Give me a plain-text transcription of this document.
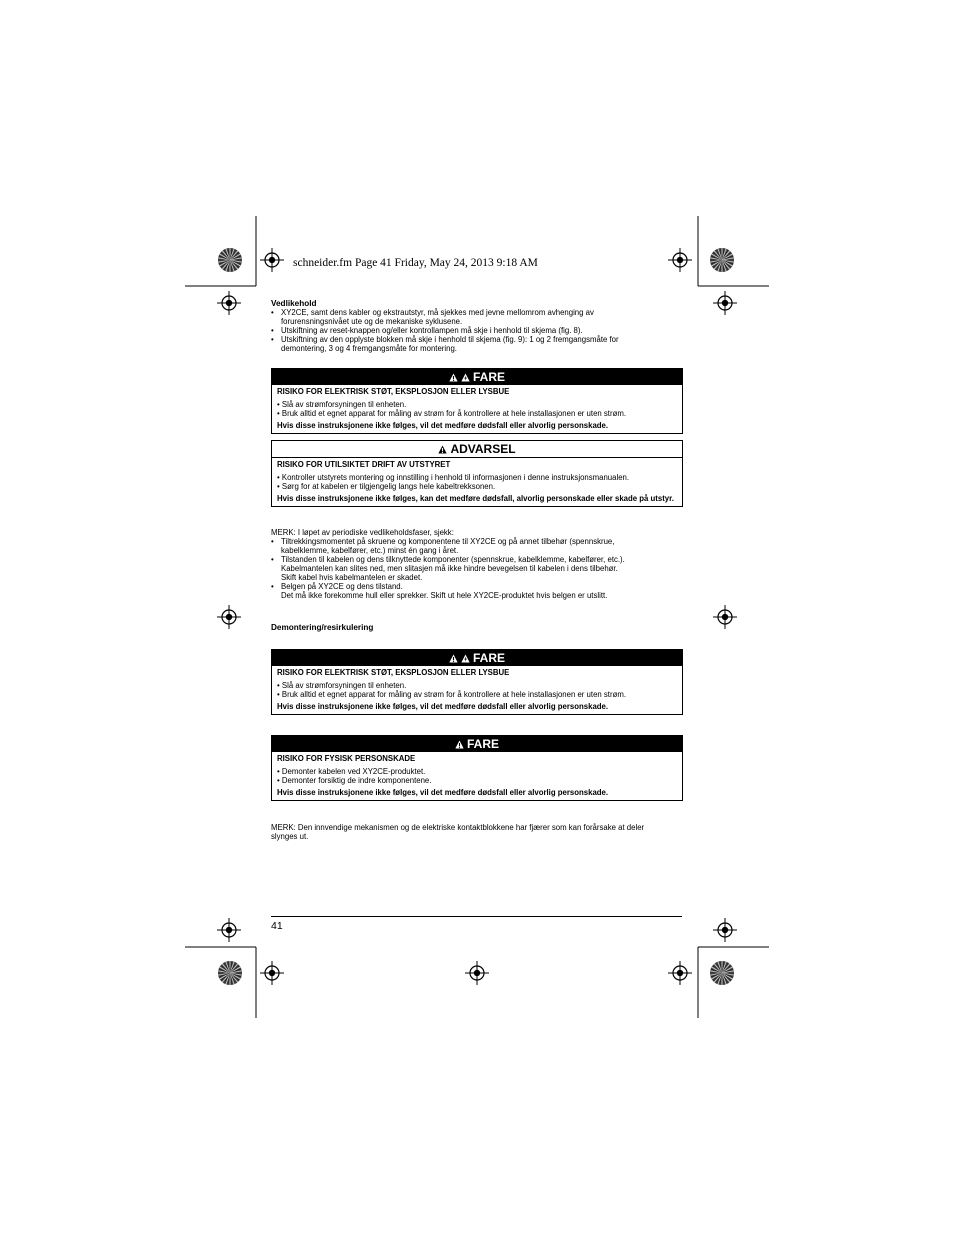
schneider.fm Page 41 Friday, May 24, 2013 9:18 AM
Vedlikehold
• XY2CE, samt dens kabler og ekstrautstyr, må sjekkes med jevne mellomrom avhenging av
forurensningsnivået ute og de mekaniske syklusene.
• Utskiftning av reset-knappen og/eller kontrollampen må skje i henhold til skjema (fig. 8).
• Utskiftning av den opplyste blokken må skje i henhold til skjema (fig. 9): 1 og 2 fremgangsmåte for
demontering, 3 og 4 fremgangsmåte for montering.
FARE
RISIKO FOR ELEKTRISK STØT, EKSPLOSJON ELLER LYSBUE
• Slå av strømforsyningen til enheten.
• Bruk alltid et egnet apparat for måling av strøm for å kontrollere at hele installasjonen er uten strøm.
Hvis disse instruksjonene ikke følges, vil det medføre dødsfall eller alvorlig personskade.
ADVARSEL
RISIKO FOR UTILSIKTET DRIFT AV UTSTYRET
• Kontroller utstyrets montering og innstilling i henhold til informasjonen i denne instruksjonsmanualen.
• Sørg for at kabelen er tilgjengelig langs hele kabeltrekksonen.
Hvis disse instruksjonene ikke følges, kan det medføre dødsfall, alvorlig personskade eller skade på utstyr.
MERK: I løpet av periodiske vedlikeholdsfaser, sjekk:
• Tiltrekkingsmomentet på skruene og komponentene til XY2CE og på annet tilbehør (spennskrue,
kabelklemme, kabelfører, etc.) minst én gang i året.
• Tilstanden til kabelen og dens tilknyttede komponenter (spennskrue, kabelklemme, kabelfører, etc.).
Kabelmantelen kan slites ned, men slitasjen må ikke hindre bevegelsen til kabelen i dens tilbehør.
Skift kabel hvis kabelmantelen er skadet.
• Belgen på XY2CE og dens tilstand.
Det må ikke forekomme hull eller sprekker. Skift ut hele XY2CE-produktet hvis belgen er utslitt.
Demontering/resirkulering
FARE
RISIKO FOR ELEKTRISK STØT, EKSPLOSJON ELLER LYSBUE
• Slå av strømforsyningen til enheten.
• Bruk alltid et egnet apparat for måling av strøm for å kontrollere at hele installasjonen er uten strøm.
Hvis disse instruksjonene ikke følges, vil det medføre dødsfall eller alvorlig personskade.
FARE
RISIKO FOR FYSISK PERSONSKADE
• Demonter kabelen ved XY2CE-produktet.
• Demonter forsiktig de indre komponentene.
Hvis disse instruksjonene ikke følges, vil det medføre dødsfall eller alvorlig personskade.
MERK: Den innvendige mekanismen og de elektriske kontaktblokkene har fjærer som kan forårsake at deler
slynges ut.
41
